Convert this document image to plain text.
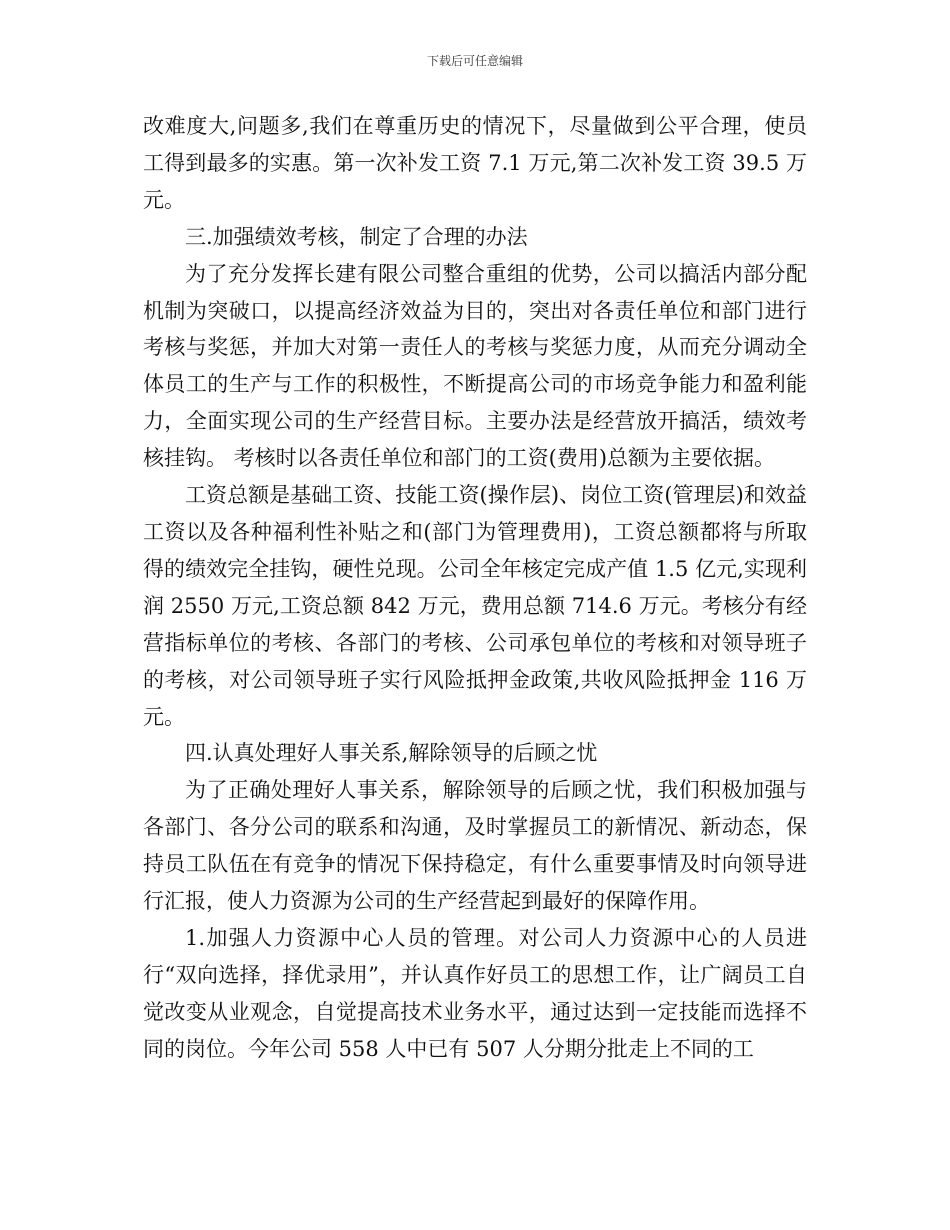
下载后可任意编辑

改难度大,问题多,我们在尊重历史的情况下，尽量做到公平合理，使员工得到最多的实惠。第一次补发工资 7.1 万元,第二次补发工资 39.5 万元。

三.加强绩效考核，制定了合理的办法

为了充分发挥长建有限公司整合重组的优势，公司以搞活内部分配机制为突破口，以提高经济效益为目的，突出对各责任单位和部门进行考核与奖惩，并加大对第一责任人的考核与奖惩力度，从而充分调动全体员工的生产与工作的积极性，不断提高公司的市场竞争能力和盈利能力，全面实现公司的生产经营目标。主要办法是经营放开搞活，绩效考核挂钩。 考核时以各责任单位和部门的工资(费用)总额为主要依据。

工资总额是基础工资、技能工资(操作层)、岗位工资(管理层)和效益工资以及各种福利性补贴之和(部门为管理费用)，工资总额都将与所取得的绩效完全挂钩，硬性兑现。公司全年核定完成产值 1.5 亿元,实现利润 2550 万元,工资总额 842 万元，费用总额 714.6 万元。考核分有经营指标单位的考核、各部门的考核、公司承包单位的考核和对领导班子的考核，对公司领导班子实行风险抵押金政策,共收风险抵押金 116 万元。

四.认真处理好人事关系,解除领导的后顾之忧

为了正确处理好人事关系，解除领导的后顾之忧，我们积极加强与各部门、各分公司的联系和沟通，及时掌握员工的新情况、新动态，保持员工队伍在有竞争的情况下保持稳定，有什么重要事情及时向领导进行汇报，使人力资源为公司的生产经营起到最好的保障作用。

1.加强人力资源中心人员的管理。对公司人力资源中心的人员进行“双向选择，择优录用”，并认真作好员工的思想工作，让广阔员工自觉改变从业观念，自觉提高技术业务水平，通过达到一定技能而选择不同的岗位。今年公司 558 人中已有 507 人分期分批走上不同的工
